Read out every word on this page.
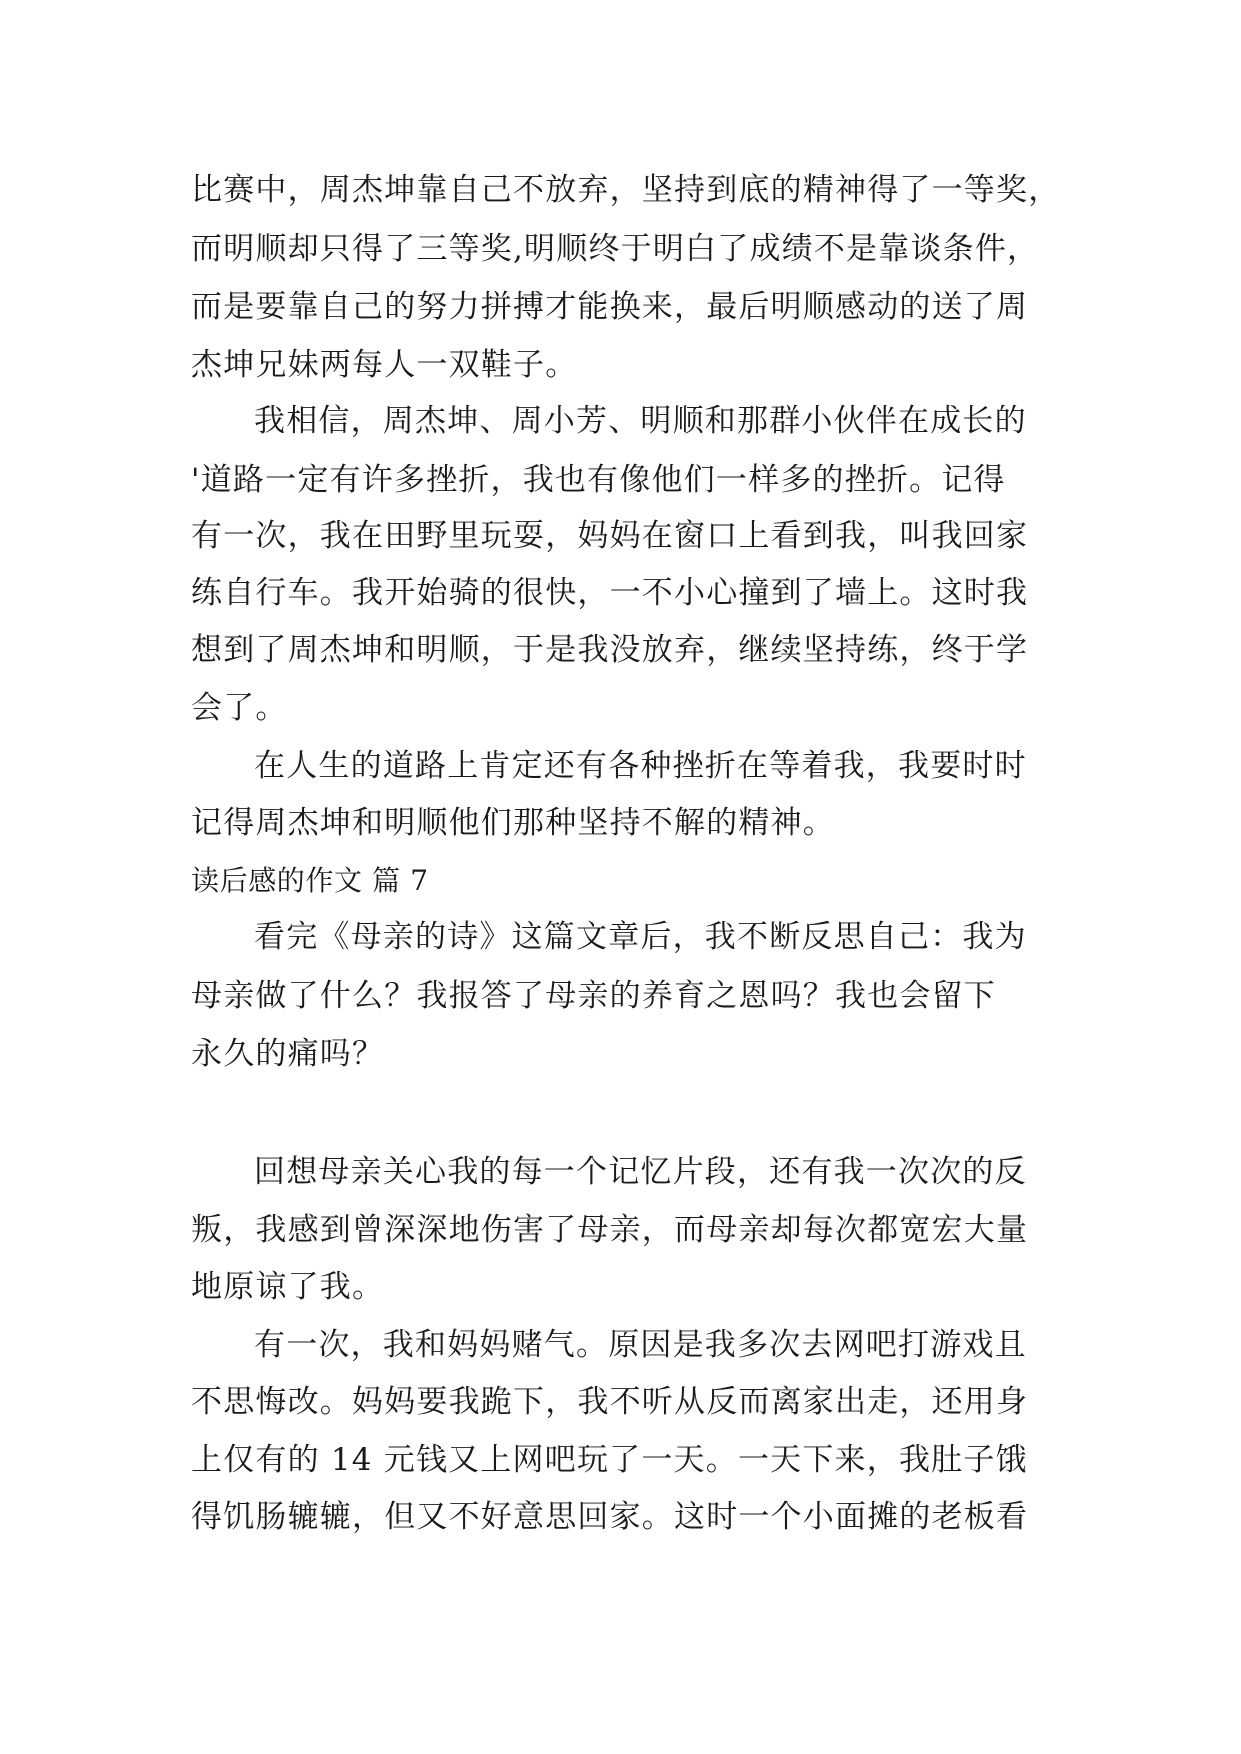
比赛中，周杰坤靠自己不放弃，坚持到底的精神得了一等奖，
而明顺却只得了三等奖,明顺终于明白了成绩不是靠谈条件，
而是要靠自己的努力拼搏才能换来，最后明顺感动的送了周
杰坤兄妹两每人一双鞋子。
我相信，周杰坤、周小芳、明顺和那群小伙伴在成长的
'道路一定有许多挫折，我也有像他们一样多的挫折。记得
有一次，我在田野里玩耍，妈妈在窗口上看到我，叫我回家
练自行车。我开始骑的很快，一不小心撞到了墙上。这时我
想到了周杰坤和明顺，于是我没放弃，继续坚持练，终于学
会了。
在人生的道路上肯定还有各种挫折在等着我，我要时时
记得周杰坤和明顺他们那种坚持不解的精神。
读后感的作文 篇 7
看完《母亲的诗》这篇文章后，我不断反思自己：我为
母亲做了什么？我报答了母亲的养育之恩吗？我也会留下
永久的痛吗？
回想母亲关心我的每一个记忆片段，还有我一次次的反
叛，我感到曾深深地伤害了母亲，而母亲却每次都宽宏大量
地原谅了我。
有一次，我和妈妈赌气。原因是我多次去网吧打游戏且
不思悔改。妈妈要我跪下，我不听从反而离家出走，还用身
上仅有的 14 元钱又上网吧玩了一天。一天下来，我肚子饿
得饥肠辘辘，但又不好意思回家。这时一个小面摊的老板看
